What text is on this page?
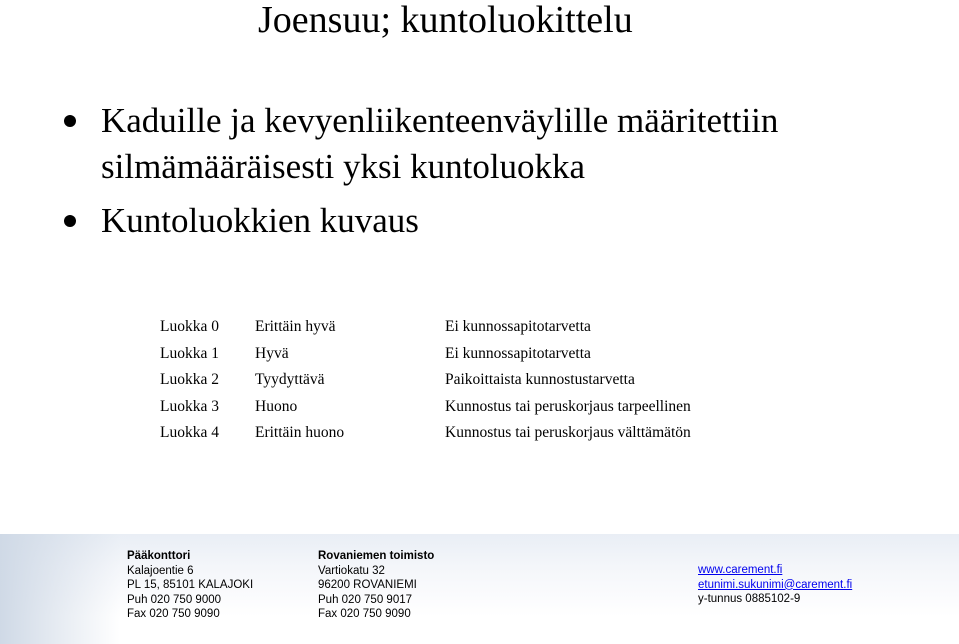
Joensuu; kuntoluokittelu
Kaduille ja kevyenliikenteenväylille määritettiin silmämääräisesti yksi kuntoluokka
Kuntoluokkien kuvaus
Luokka 0	Erittäin hyvä	Ei kunnossapitotarvetta
Luokka 1	Hyvä	Ei kunnossapitotarvetta
Luokka 2	Tyydyttävä	Paikoittaista kunnostustarvetta
Luokka 3	Huono	Kunnostus tai peruskorjaus tarpeellinen
Luokka 4	Erittäin huono	Kunnostus tai peruskorjaus välttämätön
Pääkonttori
Kalajoentie 6
PL 15, 85101 KALAJOKI
Puh 020 750 9000
Fax 020 750 9090
Rovaniemen toimisto
Vartiokatu 32
96200 ROVANIEMI
Puh 020 750 9017
Fax 020 750 9090
www.carement.fi
etunimi.sukunimi@carement.fi
y-tunnus 0885102-9
